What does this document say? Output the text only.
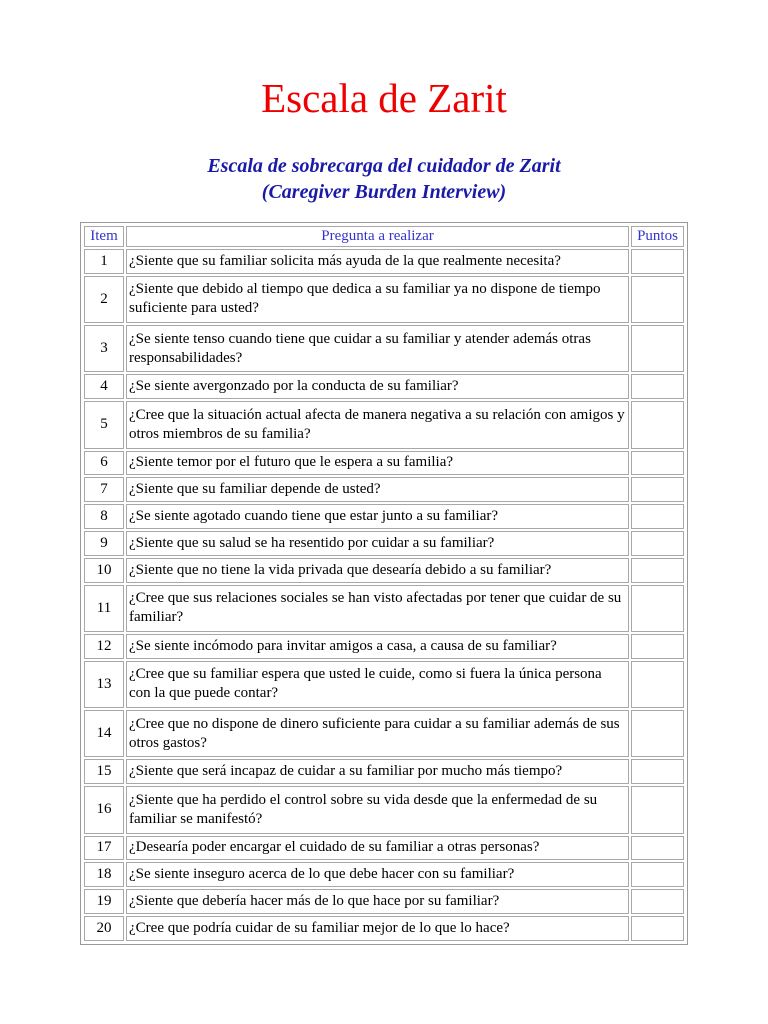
Escala de Zarit
Escala de sobrecarga del cuidador de Zarit
(Caregiver Burden Interview)
Item	Pregunta a realizar	Puntos
1	¿Siente que su familiar solicita más ayuda de la que realmente necesita?	
2	¿Siente que debido al tiempo que dedica a su familiar ya no dispone de tiempo suficiente para usted?	
3	¿Se siente tenso cuando tiene que cuidar a su familiar y atender además otras responsabilidades?	
4	¿Se siente avergonzado por la conducta de su familiar?	
5	¿Cree que la situación actual afecta de manera negativa a su relación con amigos y otros miembros de su familia?	
6	¿Siente temor por el futuro que le espera a su familia?	
7	¿Siente que su familiar depende de usted?	
8	¿Se siente agotado cuando tiene que estar junto a su familiar?	
9	¿Siente que su salud se ha resentido por cuidar a su familiar?	
10	¿Siente que no tiene la vida privada que desearía debido a su familiar?	
11	¿Cree que sus relaciones sociales se han visto afectadas por tener que cuidar de su familiar?	
12	¿Se siente incómodo para invitar amigos a casa, a causa de su familiar?	
13	¿Cree que su familiar espera que usted le cuide, como si fuera la única persona con la que puede contar?	
14	¿Cree que no dispone de dinero suficiente para cuidar a su familiar además de sus otros gastos?	
15	¿Siente que será incapaz de cuidar a su familiar por mucho más tiempo?	
16	¿Siente que ha perdido el control sobre su vida desde que la enfermedad de su familiar se manifestó?	
17	¿Desearía poder encargar el cuidado de su familiar a otras personas?	
18	¿Se siente inseguro acerca de lo que debe hacer con su familiar?	
19	¿Siente que debería hacer más de lo que hace por su familiar?	
20	¿Cree que podría cuidar de su familiar mejor de lo que lo hace?	
